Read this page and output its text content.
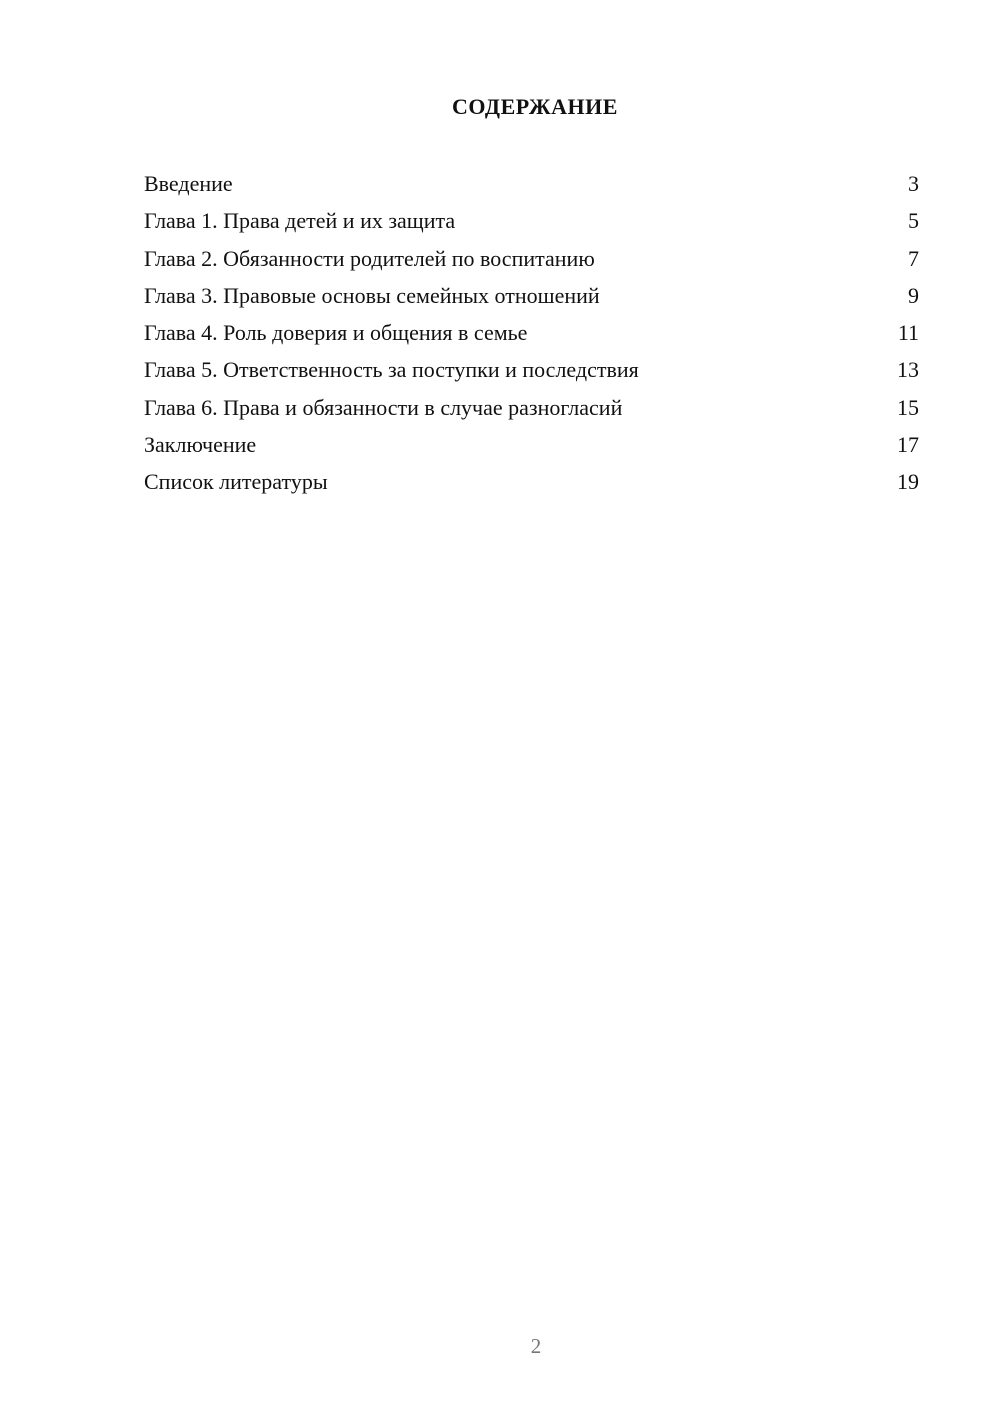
СОДЕРЖАНИЕ
Введение	3
Глава 1. Права детей и их защита	5
Глава 2. Обязанности родителей по воспитанию	7
Глава 3. Правовые основы семейных отношений	9
Глава 4. Роль доверия и общения в семье	11
Глава 5. Ответственность за поступки и последствия	13
Глава 6. Права и обязанности в случае разногласий	15
Заключение	17
Список литературы	19
2
